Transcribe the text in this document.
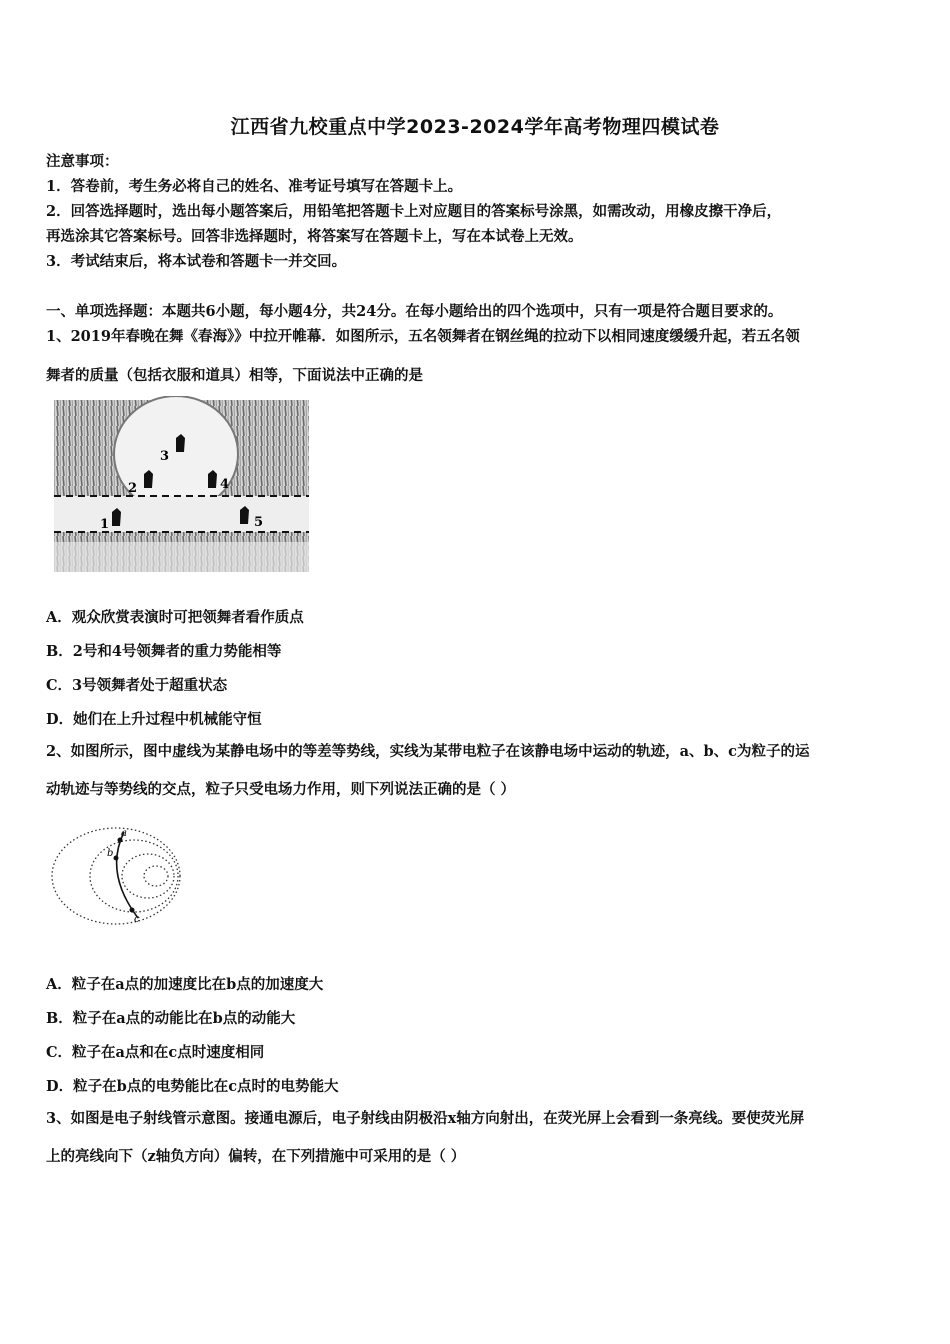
江西省九校重点中学2023-2024学年高考物理四模试卷
注意事项：
1．答卷前，考生务必将自己的姓名、准考证号填写在答题卡上。
2．回答选择题时，选出每小题答案后，用铅笔把答题卡上对应题目的答案标号涂黑，如需改动，用橡皮擦干净后，
再选涂其它答案标号。回答非选择题时，将答案写在答题卡上，写在本试卷上无效。
3．考试结束后，将本试卷和答题卡一并交回。
一、单项选择题：本题共6小题，每小题4分，共24分。在每小题给出的四个选项中，只有一项是符合题目要求的。
1、2019年春晚在舞《春海》》中拉开帷幕．如图所示，五名领舞者在钢丝绳的拉动下以相同速度缓缓升起，若五名领
舞者的质量（包括衣服和道具）相等，下面说法中正确的是
3
2	4
1	5
A．观众欣赏表演时可把领舞者看作质点
B．2号和4号领舞者的重力势能相等
C．3号领舞者处于超重状态
D．她们在上升过程中机械能守恒
2、如图所示，图中虚线为某静电场中的等差等势线，实线为某带电粒子在该静电场中运动的轨迹，a、b、c为粒子的运
动轨迹与等势线的交点，粒子只受电场力作用，则下列说法正确的是（ ）
a
b
c
A．粒子在a点的加速度比在b点的加速度大
B．粒子在a点的动能比在b点的动能大
C．粒子在a点和在c点时速度相同
D．粒子在b点的电势能比在c点时的电势能大
3、如图是电子射线管示意图。接通电源后，电子射线由阴极沿x轴方向射出，在荧光屏上会看到一条亮线。要使荧光屏
上的亮线向下（z轴负方向）偏转，在下列措施中可采用的是（ ）
